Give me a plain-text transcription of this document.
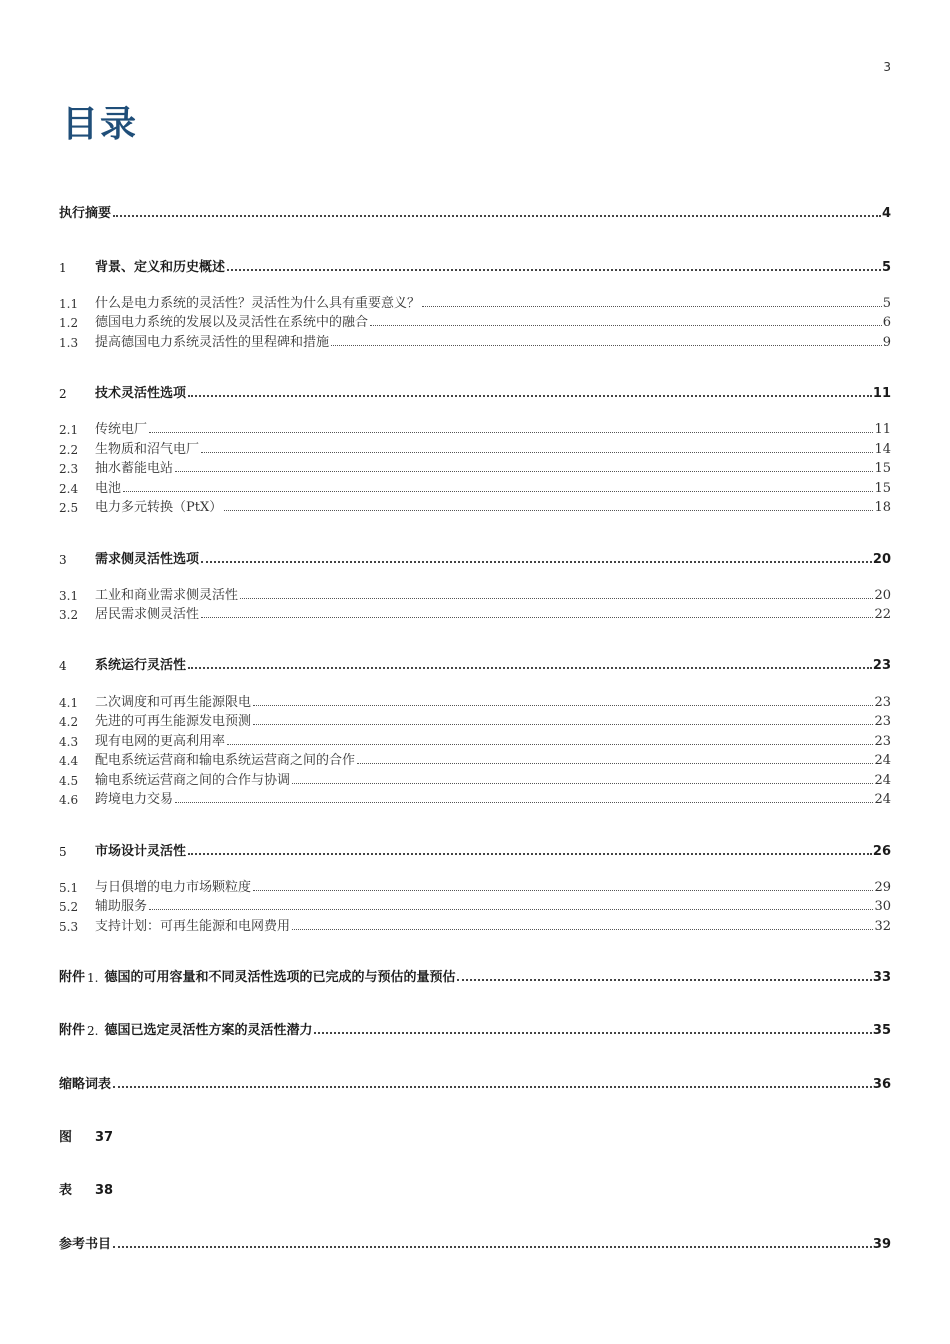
3
目录
执行摘要	4
1	背景、定义和历史概述	5
1.1	什么是电力系统的灵活性？灵活性为什么具有重要意义？	5
1.2	德国电力系统的发展以及灵活性在系统中的融合	6
1.3	提高德国电力系统灵活性的里程碑和措施	9
2	技术灵活性选项	11
2.1	传统电厂	11
2.2	生物质和沼气电厂	14
2.3	抽水蓄能电站	15
2.4	电池	15
2.5	电力多元转换（PtX）	18
3	需求侧灵活性选项	20
3.1	工业和商业需求侧灵活性	20
3.2	居民需求侧灵活性	22
4	系统运行灵活性	23
4.1	二次调度和可再生能源限电	23
4.2	先进的可再生能源发电预测	23
4.3	现有电网的更高利用率	23
4.4	配电系统运营商和输电系统运营商之间的合作	24
4.5	输电系统运营商之间的合作与协调	24
4.6	跨境电力交易	24
5	市场设计灵活性	26
5.1	与日俱增的电力市场颗粒度	29
5.2	辅助服务	30
5.3	支持计划：可再生能源和电网费用	32
附件 1. 德国的可用容量和不同灵活性选项的已完成的与预估的量预估	33
附件 2. 德国已选定灵活性方案的灵活性潜力	35
缩略词表	36
图	37
表	38
参考书目	39
